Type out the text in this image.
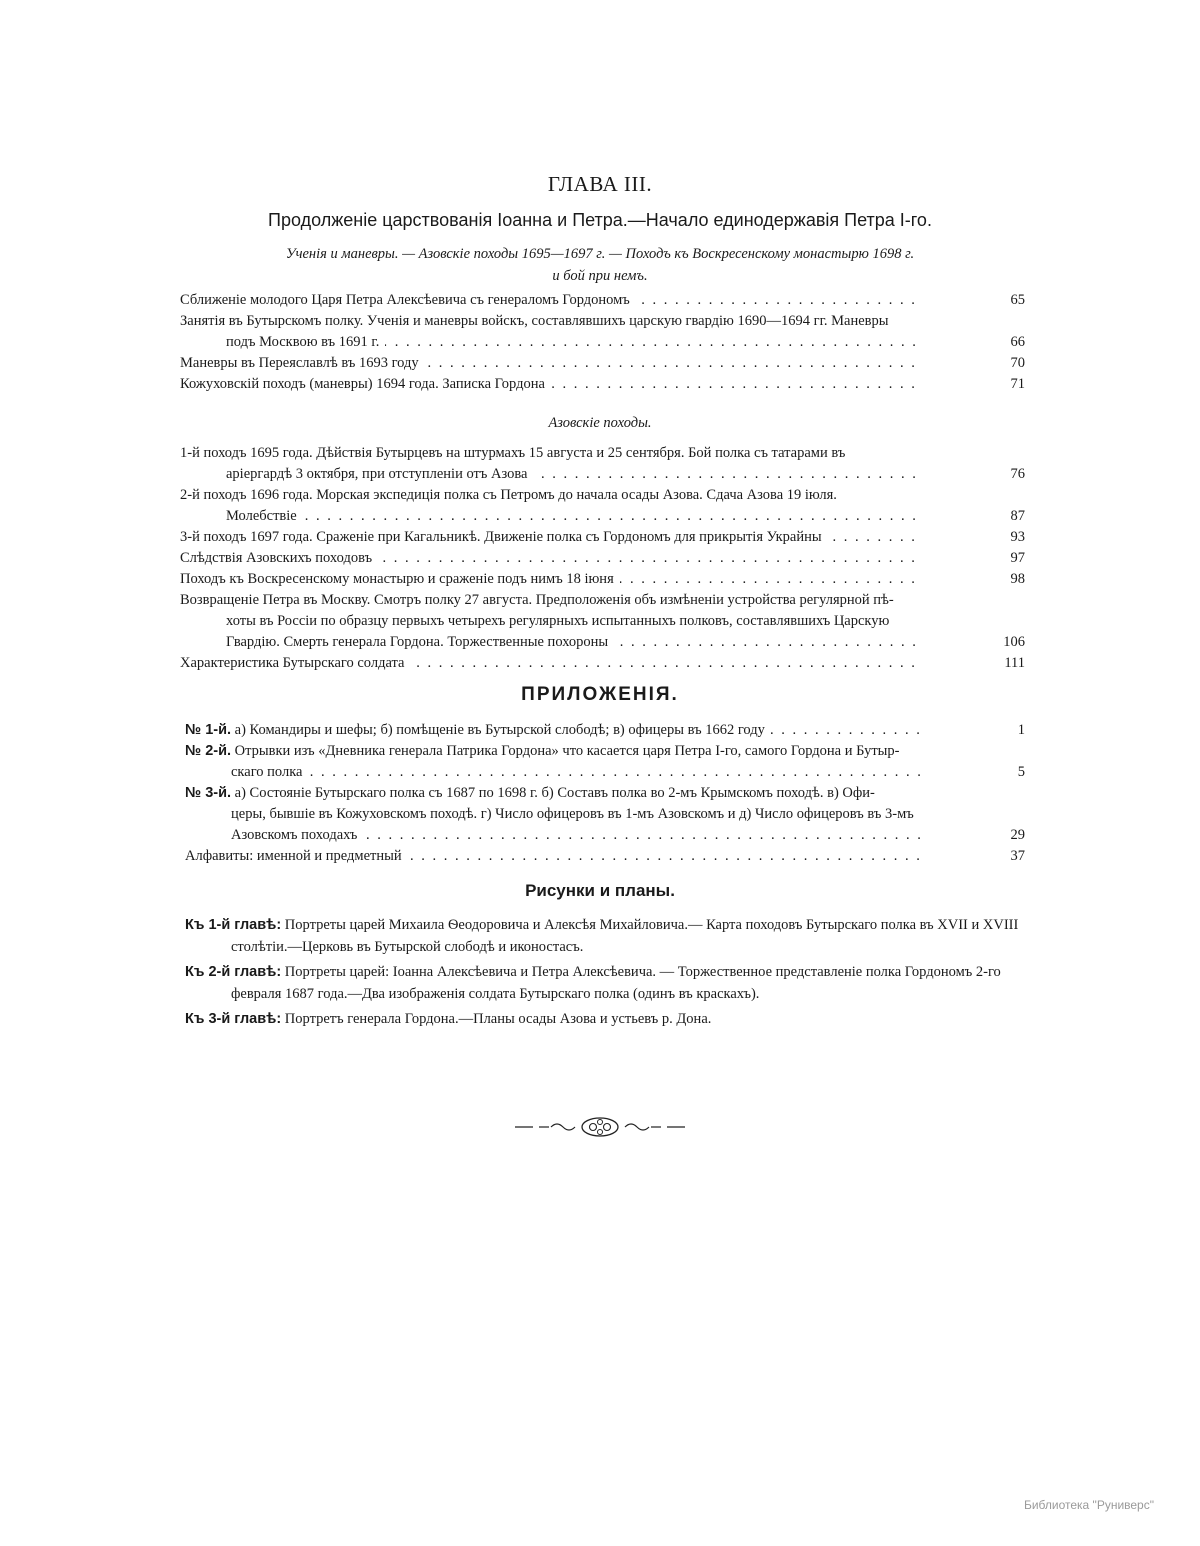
ГЛАВА III.
Продолженіе царствованія Іоанна и Петра.—Начало единодержавія Петра І-го.
Ученія и маневры. — Азовскіе походы 1695—1697 г. — Походъ къ Воскресенскому монастырю 1698 г.
и бой при немъ.
Сближеніе молодого Царя Петра Алексѣевича съ генераломъ Гордономъ . . .	65
Занятія въ Бутырскомъ полку. Ученія и маневры войскъ, составлявшихъ царскую гвардію 1690—1694 гг. Маневры
подъ Москвою въ 1691 г. . . .	66
Маневры въ Переяславлѣ въ 1693 году . . .	70
Кожуховскій походъ (маневры) 1694 года. Записка Гордона . . .	71
Азовскіе походы.
1-й походъ 1695 года. Дѣйствія Бутырцевъ на штурмахъ 15 августа и 25 сентября. Бой полка съ татарами въ
аріергардѣ 3 октября, при отступленіи отъ Азова . . .	76
2-й походъ 1696 года. Морская экспедиція полка съ Петромъ до начала осады Азова. Сдача Азова 19 іюля.
Молебствіе . . .	87
3-й походъ 1697 года. Сраженіе при Кагальникѣ. Движеніе полка съ Гордономъ для прикрытія Украйны . . .	93
Слѣдствія Азовскихъ походовъ . . .	97
Походъ къ Воскресенскому монастырю и сраженіе подъ нимъ 18 іюня . . .	98
Возвращеніе Петра въ Москву. Смотръ полку 27 августа. Предположенія объ измѣненіи устройства регулярной пѣ-
хоты въ Россіи по образцу первыхъ четырехъ регулярныхъ испытанныхъ полковъ, составлявшихъ Царскую
Гвардію. Смерть генерала Гордона. Торжественные похороны . . .	106
Характеристика Бутырскаго солдата . . .	111
ПРИЛОЖЕНІЯ.
№ 1-й. а) Командиры и шефы; б) помѣщеніе въ Бутырской слободѣ; в) офицеры въ 1662 году . . .	1
№ 2-й. Отрывки изъ «Дневника генерала Патрика Гордона» что касается царя Петра І-го, самого Гордона и Бутыр-
скаго полка . . .	5
№ 3-й. а) Состояніе Бутырскаго полка съ 1687 по 1698 г. б) Составъ полка во 2-мъ Крымскомъ походѣ. в) Офи-
церы, бывшіе въ Кожуховскомъ походѣ. г) Число офицеровъ въ 1-мъ Азовскомъ и д) Число офицеровъ въ 3-мъ
Азовскомъ походахъ . . .	29
Алфавиты: именной и предметный . . .	37
Рисунки и планы.

Къ 1-й главѣ: Портреты царей Михаила Ѳеодоровича и Алексѣя Михайловича.— Карта походовъ Бутырскаго полка въ XVII и XVIII столѣтіи.—Церковь въ Бутырской слободѣ и иконостасъ.

Къ 2-й главѣ: Портреты царей: Іоанна Алексѣевича и Петра Алексѣевича. — Торжественное представленіе полка Гордономъ 2-го февраля 1687 года.—Два изображенія солдата Бутырскаго полка (одинъ въ краскахъ).

Къ 3-й главѣ: Портретъ генерала Гордона.—Планы осады Азова и устьевъ р. Дона.

Библиотека "Руниверс"
